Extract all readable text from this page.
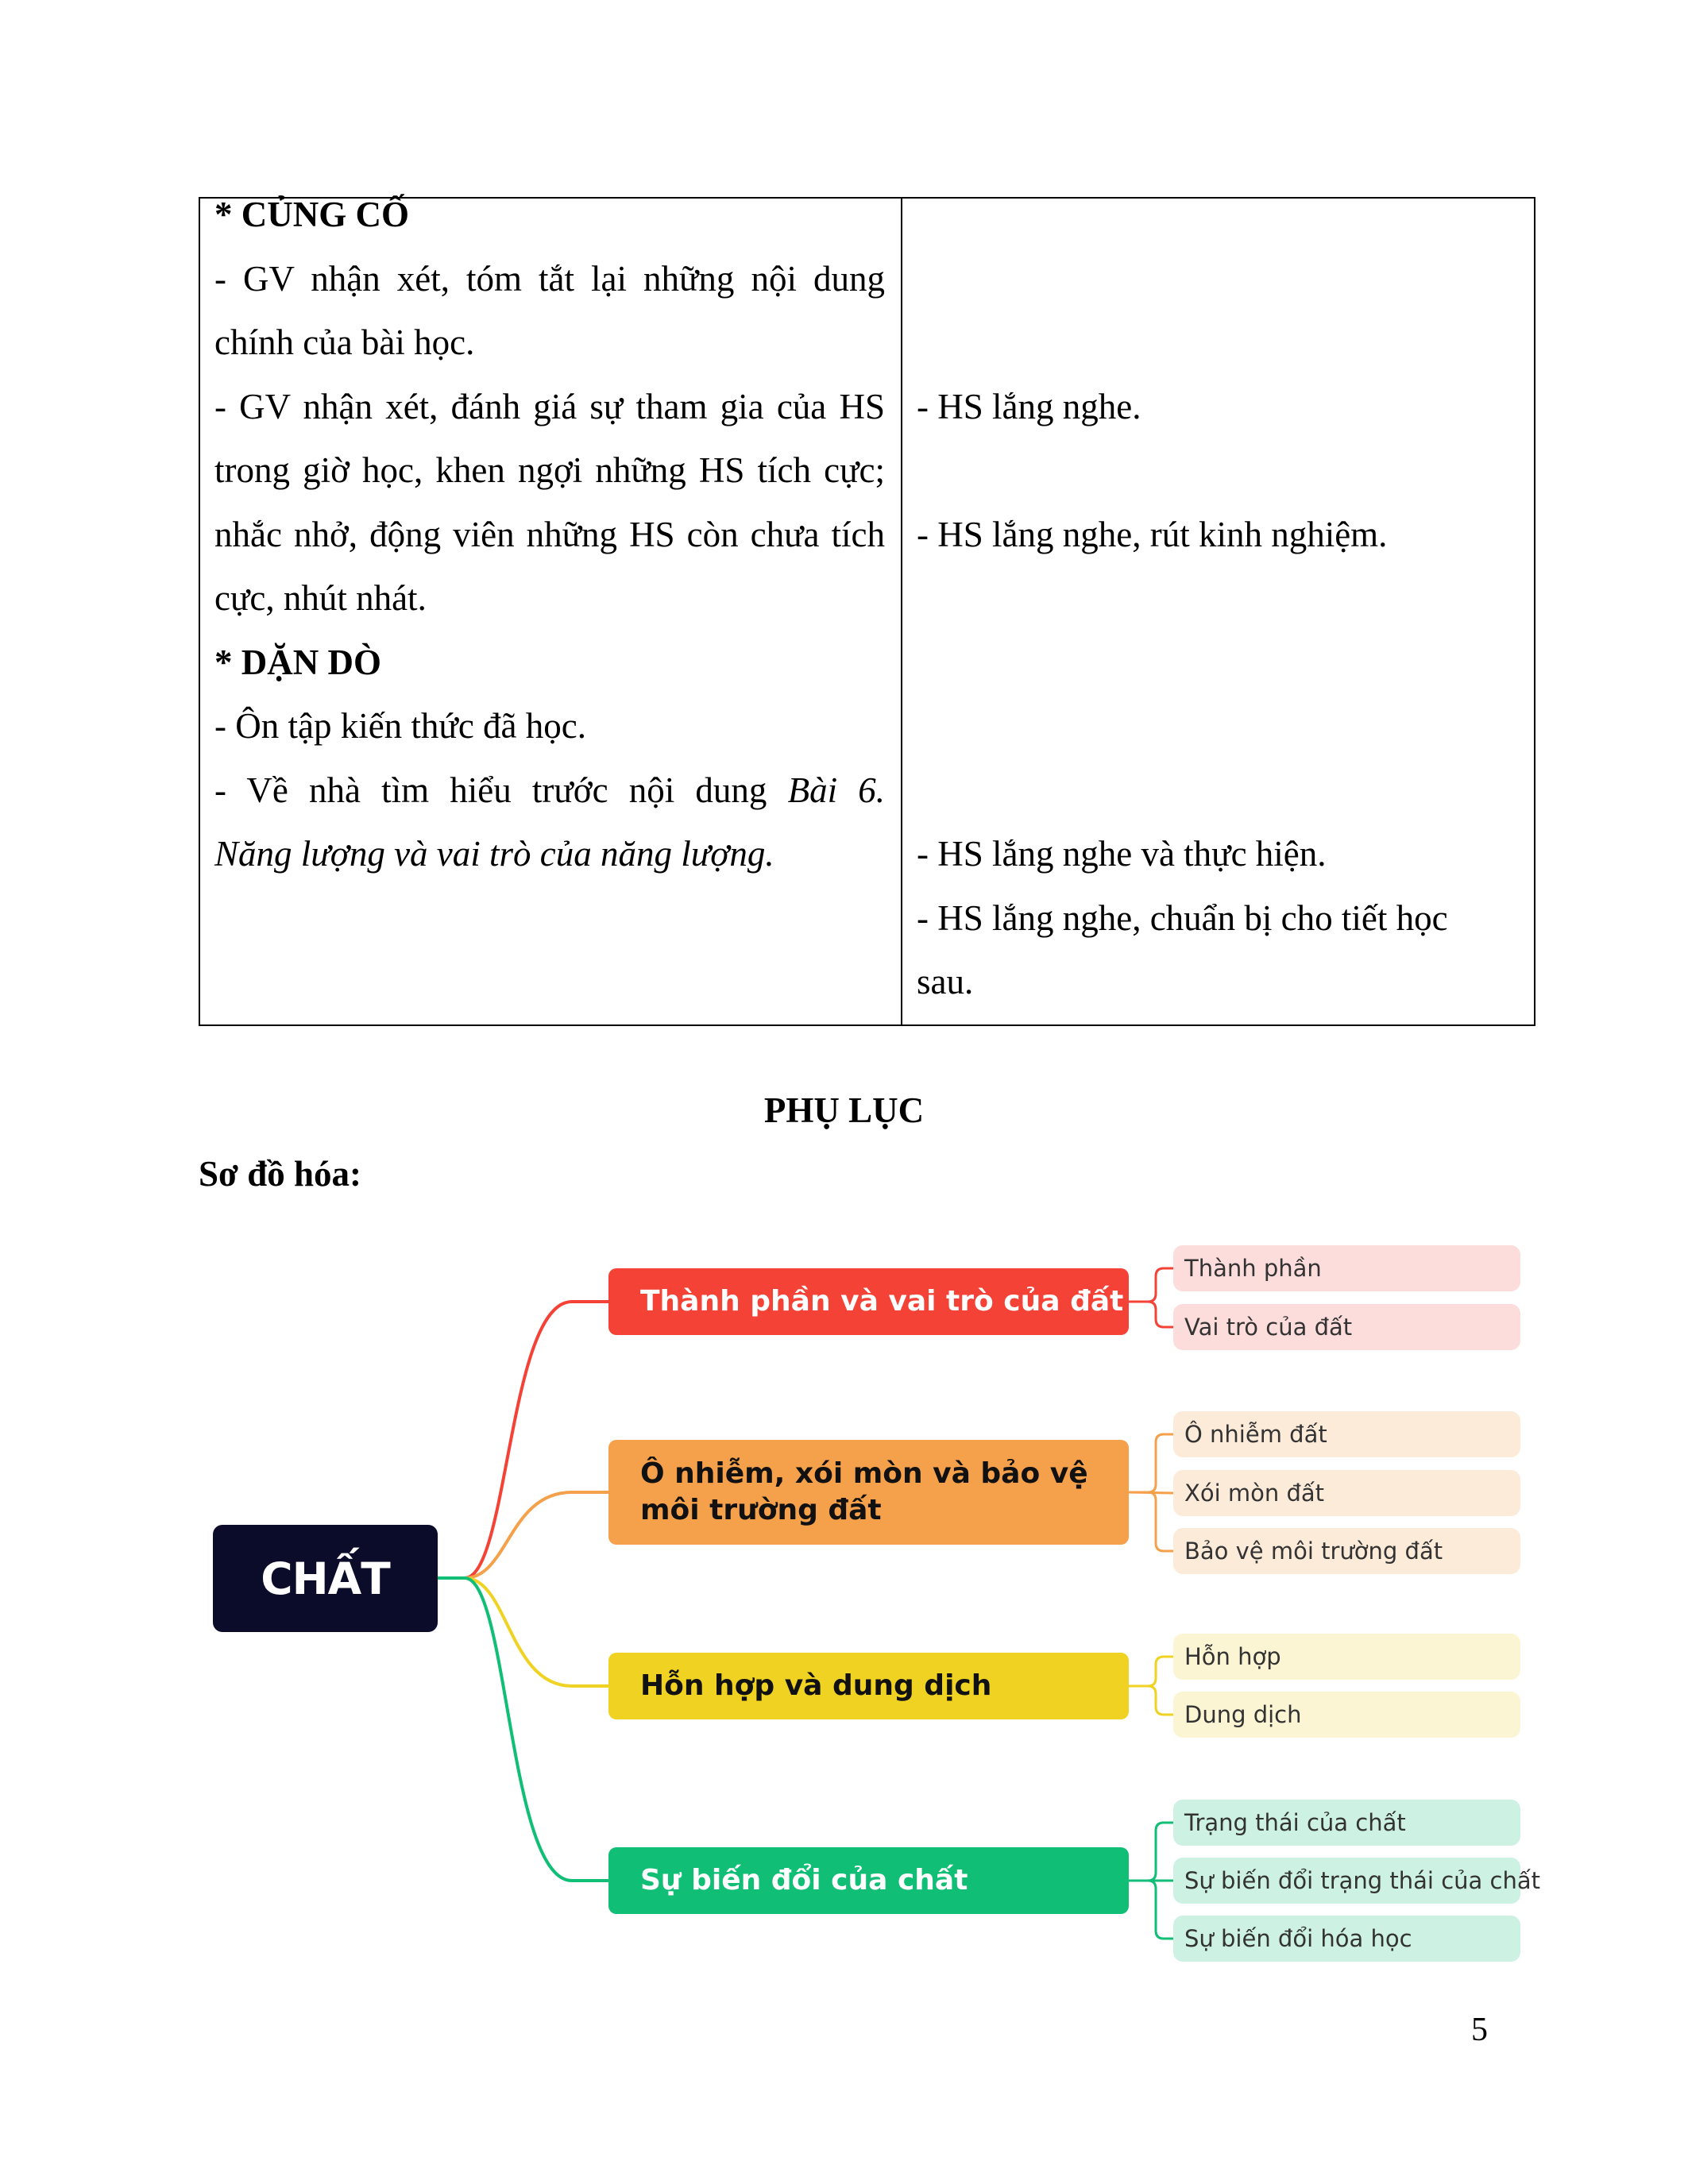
* CỦNG CỐ
- GV nhận xét, tóm tắt lại những nội dung
chính của bài học.
- GV nhận xét, đánh giá sự tham gia của HS
trong giờ học, khen ngợi những HS tích cực;
nhắc nhở, động viên những HS còn chưa tích
cực, nhút nhát.
* DẶN DÒ
- Ôn tập kiến thức đã học.
- Về nhà tìm hiểu trước nội dung Bài 6.
Năng lượng và vai trò của năng lượng.

- HS lắng nghe.

- HS lắng nghe, rút kinh nghiệm.

- HS lắng nghe và thực hiện.
- HS lắng nghe, chuẩn bị cho tiết học
sau.
PHỤ LỤC
Sơ đồ hóa:
CHẤT
Thành phần và vai trò của đất
Thành phần
Vai trò của đất
Ô nhiễm, xói mòn và bảo vệ môi trường đất
Ô nhiễm đất
Xói mòn đất
Bảo vệ môi trường đất
Hỗn hợp và dung dịch
Hỗn hợp
Dung dịch
Sự biến đổi của chất
Trạng thái của chất
Sự biến đổi trạng thái của chất
Sự biến đổi hóa học
5
